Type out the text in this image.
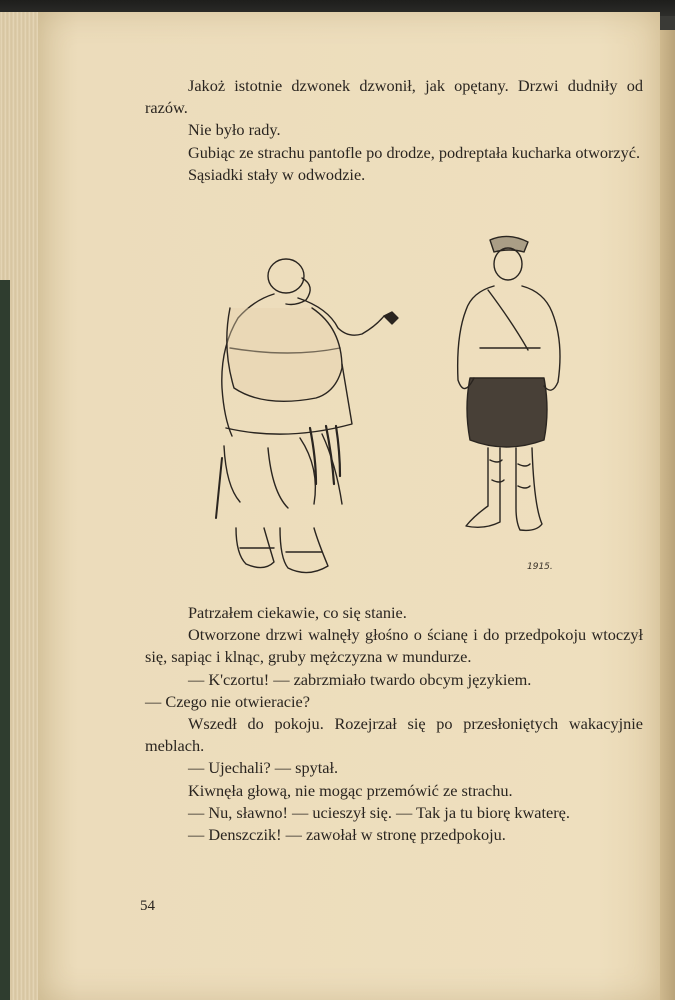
Jakoż istotnie dzwonek dzwonił, jak opętany. Drzwi dudniły od razów.

Nie było rady.

Gubiąc ze strachu pantofle po drodze, podreptała kucharka otworzyć.

Sąsiadki stały w odwodzie.

1915.

Patrzałem ciekawie, co się stanie.

Otworzone drzwi walnęły głośno o ścianę i do przedpokoju wtoczył się, sapiąc i klnąc, gruby mężczyzna w mundurze.

— K'czortu! — zabrzmiało twardo obcym językiem.

— Czego nie otwieracie?

Wszedł do pokoju. Rozejrzał się po przesłoniętych wakacyjnie meblach.

— Ujechali? — spytał.

Kiwnęła głową, nie mogąc przemówić ze strachu.

— Nu, sławno! — ucieszył się. — Tak ja tu biorę kwaterę.

— Denszczik! — zawołał w stronę przedpokoju.

54
